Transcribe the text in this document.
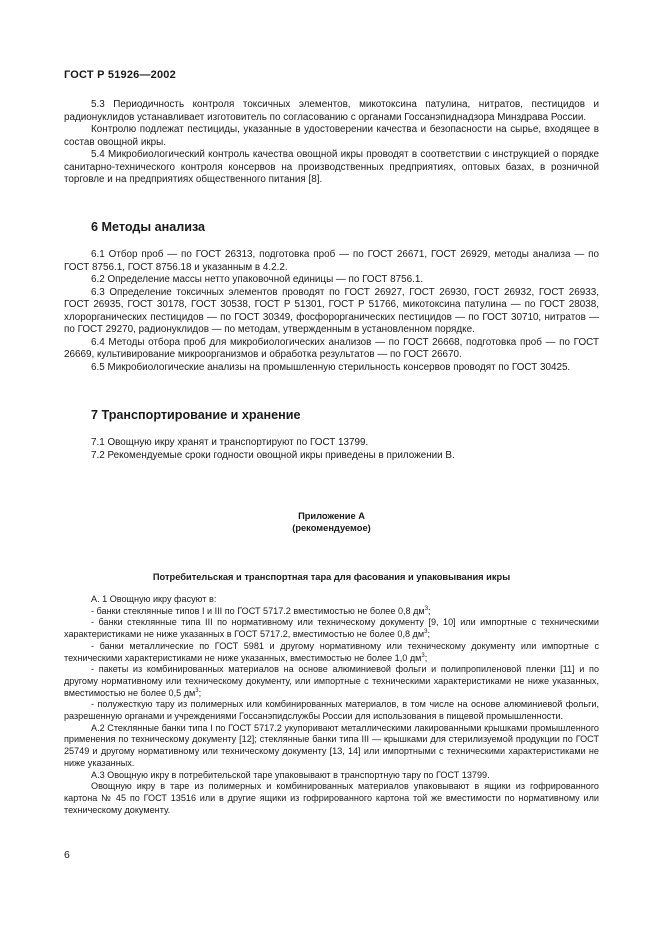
ГОСТ Р 51926—2002

5.3 Периодичность контроля токсичных элементов, микотоксина патулина, нитратов, пестицидов и радионуклидов устанавливает изготовитель по согласованию с органами Госсанэпиднадзора Минздрава России.

Контролю подлежат пестициды, указанные в удостоверении качества и безопасности на сырье, входящее в состав овощной икры.

5.4 Микробиологический контроль качества овощной икры проводят в соответствии с инструкцией о порядке санитарно-технического контроля консервов на производственных предприятиях, оптовых базах, в розничной торговле и на предприятиях общественного питания [8].

6 Методы анализа

6.1 Отбор проб — по ГОСТ 26313, подготовка проб — по ГОСТ 26671, ГОСТ 26929, методы анализа — по ГОСТ 8756.1, ГОСТ 8756.18 и указанным в 4.2.2.

6.2 Определение массы нетто упаковочной единицы — по ГОСТ 8756.1.

6.3 Определение токсичных элементов проводят по ГОСТ 26927, ГОСТ 26930, ГОСТ 26932, ГОСТ 26933, ГОСТ 26935, ГОСТ 30178, ГОСТ 30538, ГОСТ Р 51301, ГОСТ Р 51766, микотоксина патулина — по ГОСТ 28038, хлорорганических пестицидов — по ГОСТ 30349, фосфорорганических пестицидов — по ГОСТ 30710, нитратов — по ГОСТ 29270, радионуклидов — по методам, утвержденным в установленном порядке.

6.4 Методы отбора проб для микробиологических анализов — по ГОСТ 26668, подготовка проб — по ГОСТ 26669, культивирование микроорганизмов и обработка результатов — по ГОСТ 26670.

6.5 Микробиологические анализы на промышленную стерильность консервов проводят по ГОСТ 30425.

7 Транспортирование и хранение

7.1 Овощную икру хранят и транспортируют по ГОСТ 13799.

7.2 Рекомендуемые сроки годности овощной икры приведены в приложении В.

Приложение А
(рекомендуемое)
Потребительская и транспортная тара для фасования и упаковывания икры

А. 1 Овощную икру фасуют в:

- банки стеклянные типов I и III по ГОСТ 5717.2 вместимостью не более 0,8 $дм^3$;

- банки стеклянные типа III по нормативному или техническому документу [9, 10] или импортные с техническими характеристиками не ниже указанных в ГОСТ 5717.2, вместимостью не более 0,8 $дм^3$;

- банки металлические по ГОСТ 5981 и другому нормативному или техническому документу или импортные с техническими характеристиками не ниже указанных, вместимостью не более 1,0 $дм^3$;

- пакеты из комбинированных материалов на основе алюминиевой фольги и полипропиленовой пленки [11] и по другому нормативному или техническому документу, или импортные с техническими характеристиками не ниже указанных, вместимостью не более 0,5 $дм^3$;

- полужесткую тару из полимерных или комбинированных материалов, в том числе на основе алюминиевой фольги, разрешенную органами и учреждениями Госсанэпидслужбы России для использования в пищевой промышленности.

А.2 Стеклянные банки типа I по ГОСТ 5717.2 укупоривают металлическими лакированными крышками промышленного применения по техническому документу [12]; стеклянные банки типа III — крышками для стерилизуемой продукции по ГОСТ 25749 и другому нормативному или техническому документу [13, 14] или импортными с техническими характеристиками не ниже указанных.

А.3 Овощную икру в потребительской таре упаковывают в транспортную тару по ГОСТ 13799.

Овощную икру в таре из полимерных и комбинированных материалов упаковывают в ящики из гофрированного картона № 45 по ГОСТ 13516 или в другие ящики из гофрированного картона той же вместимости по нормативному или техническому документу.

6
